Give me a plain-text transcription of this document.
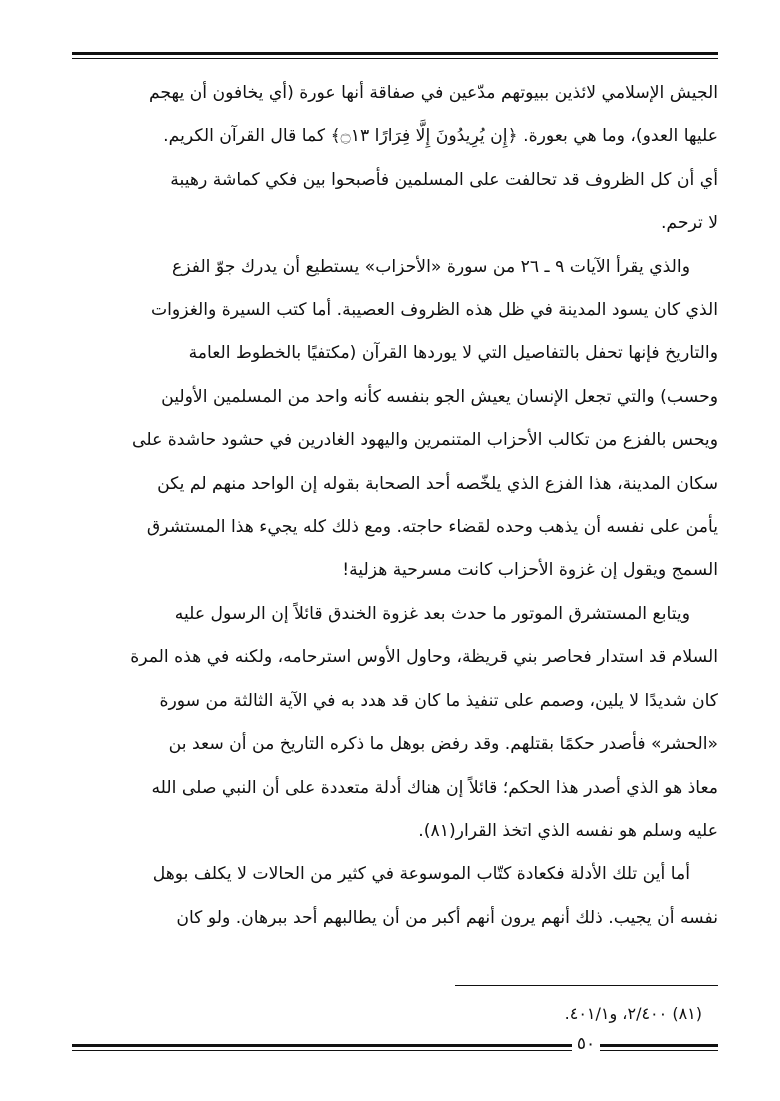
الجيش الإسلامي لائذين ببيوتهم مدّعين في صفاقة أنها عورة (أي يخافون أن يهجم
عليها العدو)، وما هي بعورة. ﴿إِن يُرِيدُونَ إِلَّا فِرَارًا ۝١٣﴾ كما قال القرآن الكريم.
أي أن كل الظروف قد تحالفت على المسلمين فأصبحوا بين فكي كماشة رهيبة
لا ترحم.

والذي يقرأ الآيات ٩ ـ ٢٦ من سورة «الأحزاب» يستطيع أن يدرك جوّ الفزع
الذي كان يسود المدينة في ظل هذه الظروف العصيبة. أما كتب السيرة والغزوات
والتاريخ فإنها تحفل بالتفاصيل التي لا يوردها القرآن (مكتفيًا بالخطوط العامة
وحسب) والتي تجعل الإنسان يعيش الجو بنفسه كأنه واحد من المسلمين الأولين
ويحس بالفزع من تكالب الأحزاب المتنمرين واليهود الغادرين في حشود حاشدة على
سكان المدينة، هذا الفزع الذي يلخّصه أحد الصحابة بقوله إن الواحد منهم لم يكن
يأمن على نفسه أن يذهب وحده لقضاء حاجته. ومع ذلك كله يجيء هذا المستشرق
السمج ويقول إن غزوة الأحزاب كانت مسرحية هزلية!

ويتابع المستشرق الموتور ما حدث بعد غزوة الخندق قائلاً إن الرسول عليه
السلام قد استدار فحاصر بني قريظة، وحاول الأوس استرحامه، ولكنه في هذه المرة
كان شديدًا لا يلين، وصمم على تنفيذ ما كان قد هدد به في الآية الثالثة من سورة
«الحشر» فأصدر حكمًا بقتلهم. وقد رفض بوهل ما ذكره التاريخ من أن سعد بن
معاذ هو الذي أصدر هذا الحكم؛ قائلاً إن هناك أدلة متعددة على أن النبي صلى الله
عليه وسلم هو نفسه الذي اتخذ القرار(٨١).

أما أين تلك الأدلة فكعادة كتّاب الموسوعة في كثير من الحالات لا يكلف بوهل
نفسه أن يجيب. ذلك أنهم يرون أنهم أكبر من أن يطالبهم أحد ببرهان. ولو كان

(٨١) ٢/٤٠٠، و٤٠١/١.
٥٠
